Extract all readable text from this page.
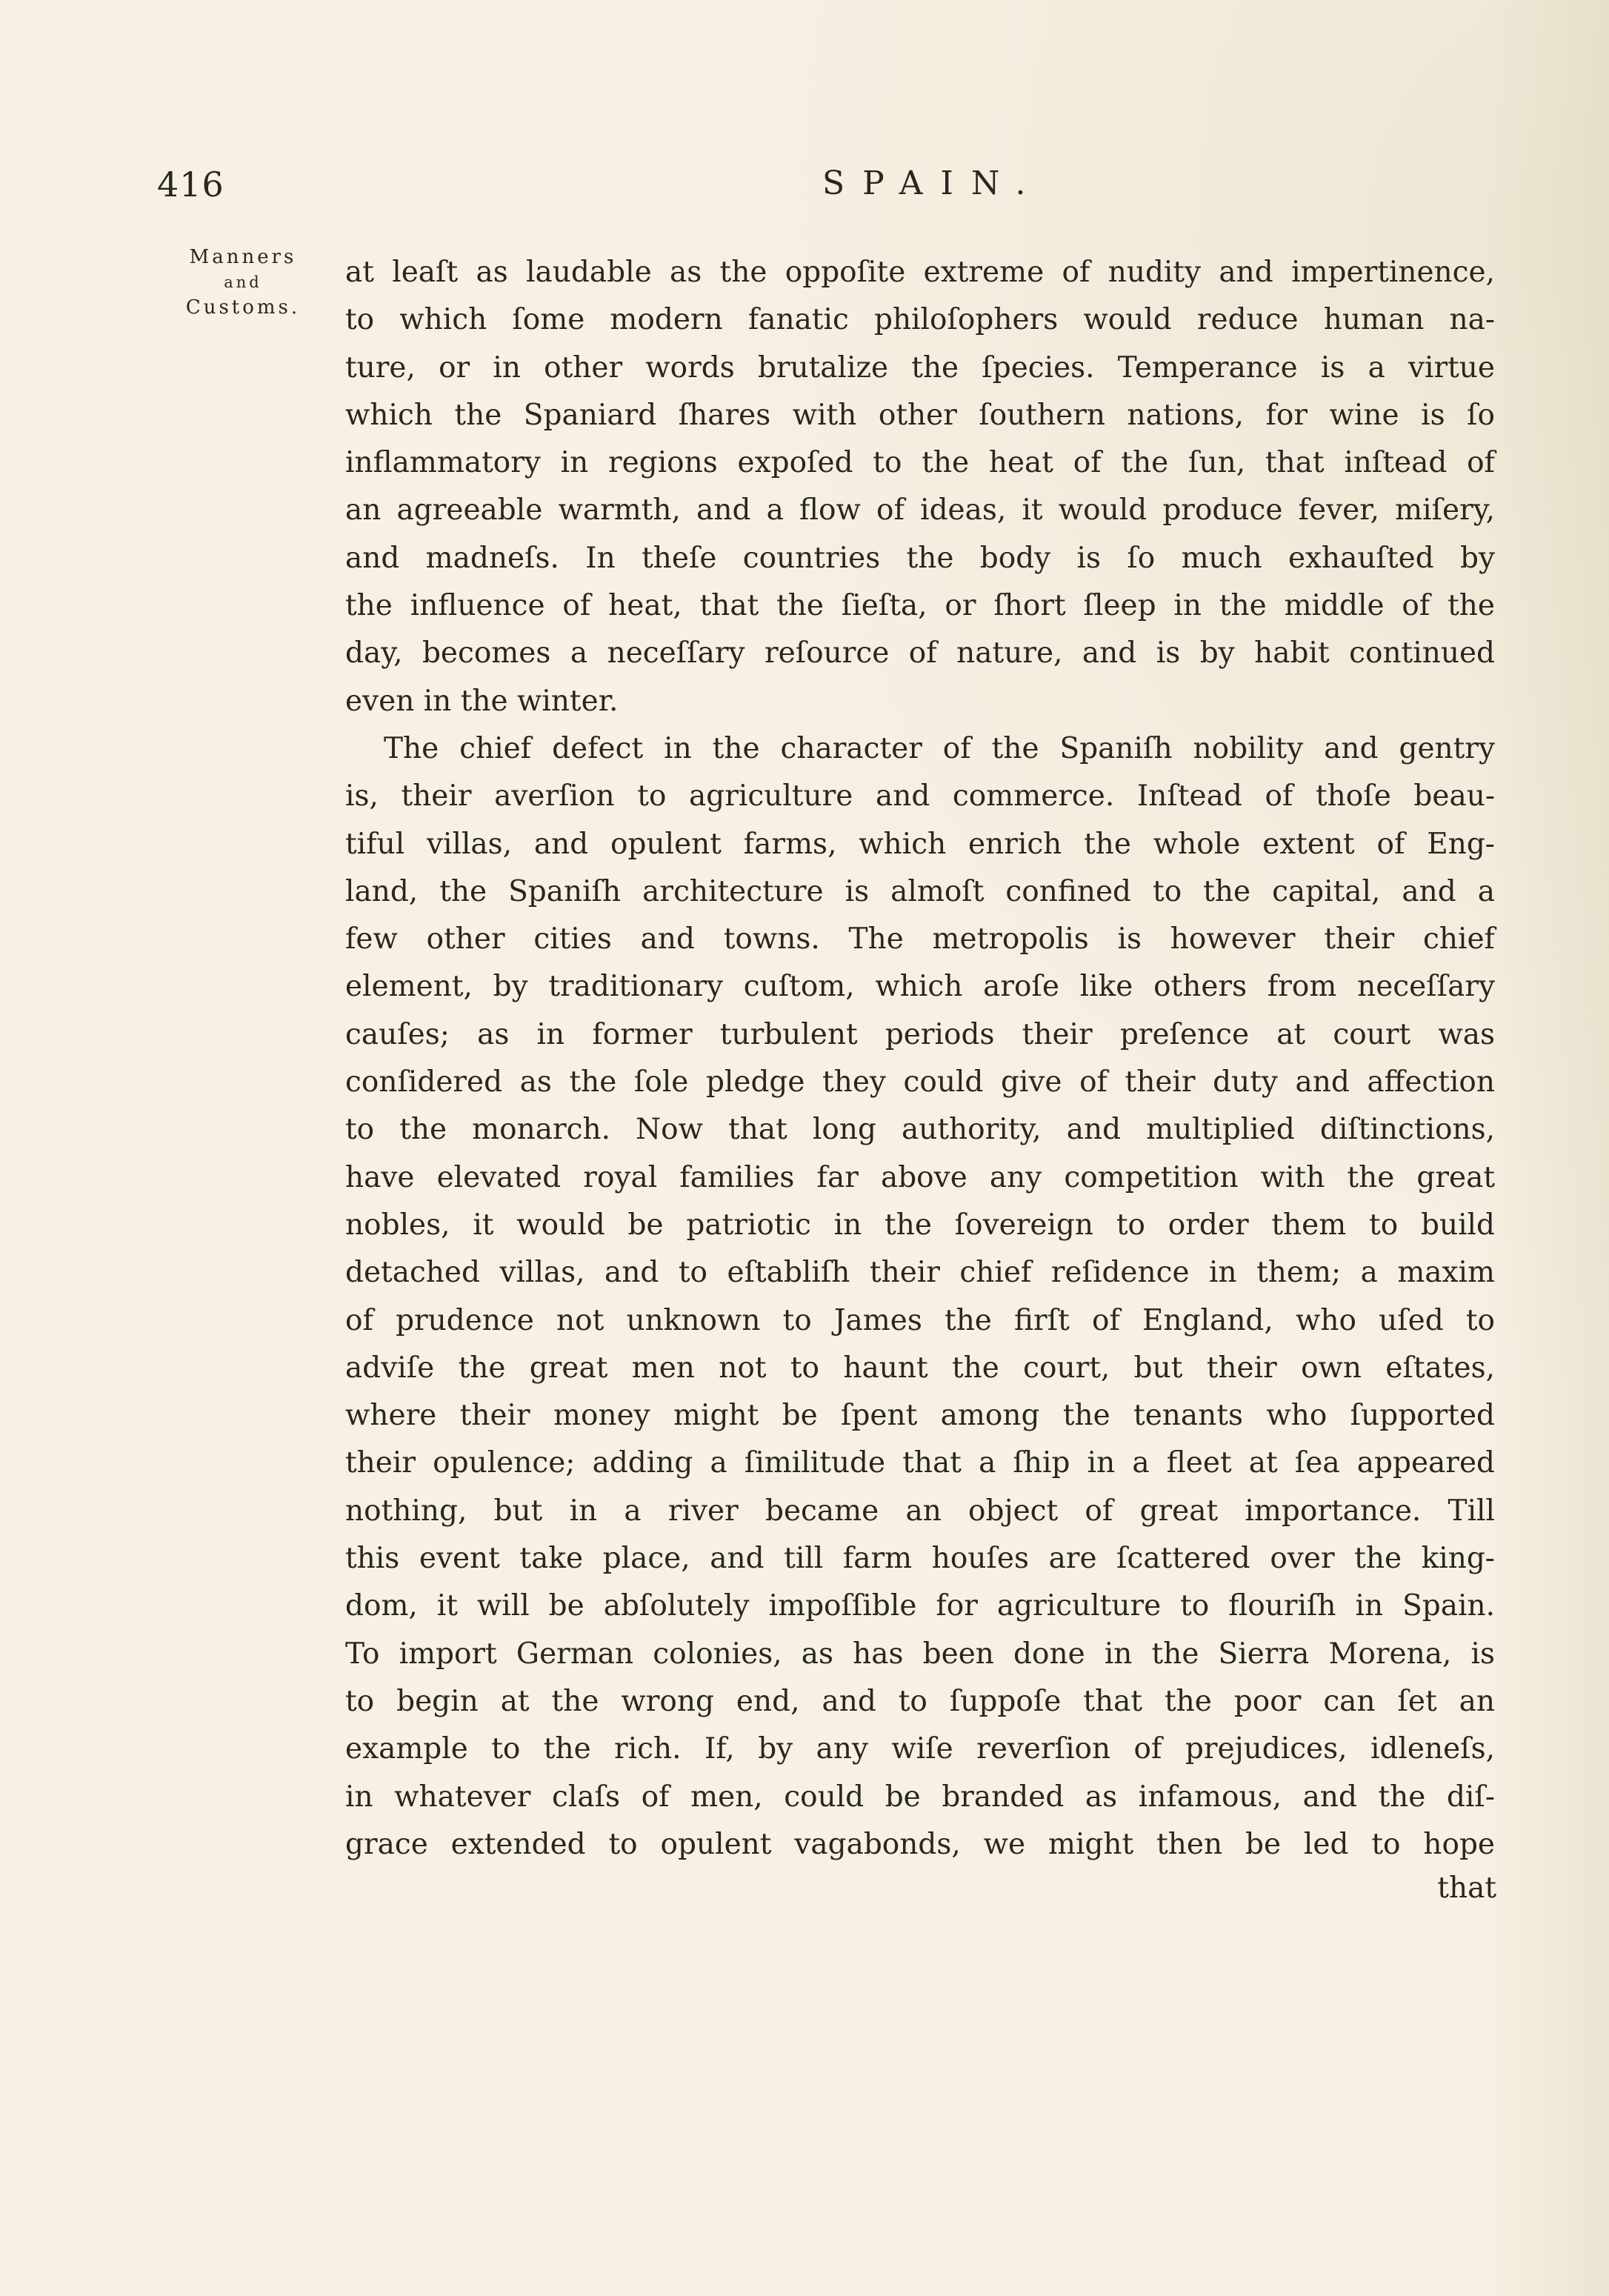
416	SPAIN.
Manners
and
Customs.
at leaſt as laudable as the oppoſite extreme of nudity and impertinence,
to which ſome modern fanatic philoſophers would reduce human na-
ture, or in other words brutalize the ſpecies. Temperance is a virtue
which the Spaniard ſhares with other ſouthern nations, for wine is ſo
inflammatory in regions expoſed to the heat of the ſun, that inſtead of
an agreeable warmth, and a flow of ideas, it would produce fever, miſery,
and madneſs. In theſe countries the body is ſo much exhauſted by
the influence of heat, that the ſieſta, or ſhort ſleep in the middle of the
day, becomes a neceſſary reſource of nature, and is by habit continued
even in the winter.
The chief defect in the character of the Spaniſh nobility and gentry
is, their averſion to agriculture and commerce. Inſtead of thoſe beau-
tiful villas, and opulent farms, which enrich the whole extent of Eng-
land, the Spaniſh architecture is almoſt confined to the capital, and a
few other cities and towns. The metropolis is however their chief
element, by traditionary cuſtom, which aroſe like others from neceſſary
cauſes; as in former turbulent periods their preſence at court was
conſidered as the ſole pledge they could give of their duty and affection
to the monarch. Now that long authority, and multiplied diſtinctions,
have elevated royal families far above any competition with the great
nobles, it would be patriotic in the ſovereign to order them to build
detached villas, and to eſtabliſh their chief reſidence in them; a maxim
of prudence not unknown to James the firſt of England, who uſed to
adviſe the great men not to haunt the court, but their own eſtates,
where their money might be ſpent among the tenants who ſupported
their opulence; adding a ſimilitude that a ſhip in a fleet at ſea appeared
nothing, but in a river became an object of great importance. Till
this event take place, and till farm houſes are ſcattered over the king-
dom, it will be abſolutely impoſſible for agriculture to flouriſh in Spain.
To import German colonies, as has been done in the Sierra Morena, is
to begin at the wrong end, and to ſuppoſe that the poor can ſet an
example to the rich. If, by any wiſe reverſion of prejudices, idleneſs,
in whatever claſs of men, could be branded as infamous, and the diſ-
grace extended to opulent vagabonds, we might then be led to hope
that
